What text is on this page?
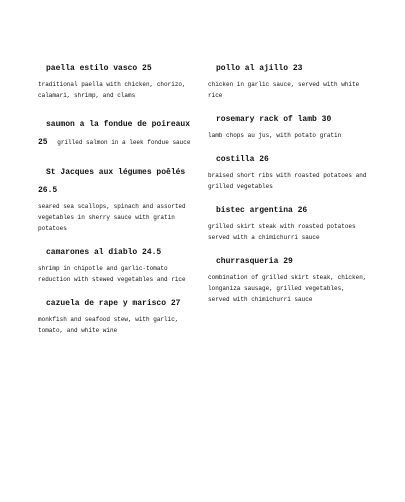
paella estilo vasco 25
traditional paella with chicken, chorizo, calamari, shrimp, and clams
saumon a la fondue de poireaux
25 grilled salmon in a leek fondue sauce
St Jacques aux légumes poêlés
26.5
seared sea scallops, spinach and assorted vegetables in sherry sauce with gratin potatoes
camarones al diablo 24.5
shrimp in chipotle and garlic-tomato reduction with stewed vegetables and rice
cazuela de rape y marisco 27
monkfish and seafood stew, with garlic, tomato, and white wine
pollo al ajillo 23
chicken in garlic sauce, served with white rice
rosemary rack of lamb 30
lamb chops au jus, with potato gratin
costilla 26
braised short ribs with roasted potatoes and grilled vegetables
bistec argentina 26
grilled skirt steak with roasted potatoes served with a chimichurri sauce
churrasqueria 29
combination of grilled skirt steak, chicken, longaniza sausage, grilled vegetables, served with chimichurri sauce
